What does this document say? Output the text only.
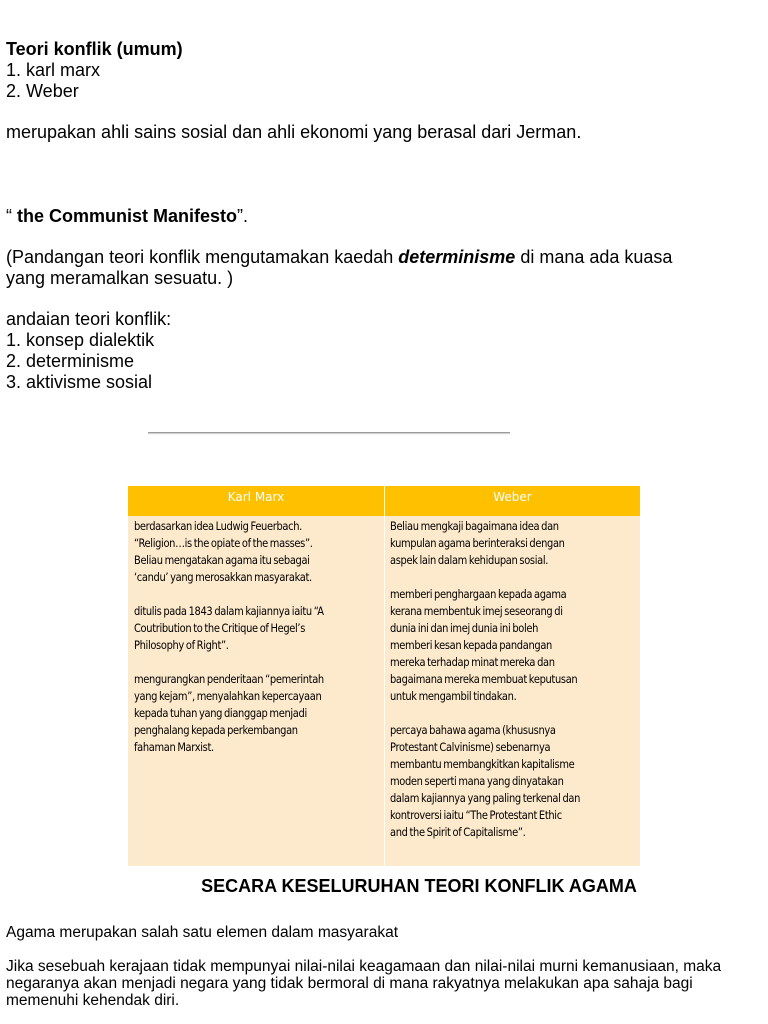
Teori konflik (umum)
1. karl marx
2. Weber
merupakan ahli sains sosial dan ahli ekonomi yang berasal dari Jerman.
“ the Communist Manifesto”.
(Pandangan teori konflik mengutamakan kaedah determinisme di mana ada kuasa
yang meramalkan sesuatu. )
andaian teori konflik:
1. konsep dialektik
2. determinisme
3. aktivisme sosial
Karl Marx	Weber

berdasarkan idea Ludwig Feuerbach.
“Religion…is the opiate of the masses”.
Beliau mengatakan agama itu sebagai
‘candu’ yang merosakkan masyarakat.

ditulis pada 1843 dalam kajiannya iaitu “A
Coutribution to the Critique of Hegel’s
Philosophy of Right”.

mengurangkan penderitaan “pemerintah
yang kejam”, menyalahkan kepercayaan
kepada tuhan yang dianggap menjadi
penghalang kepada perkembangan
fahaman Marxist.

Beliau mengkaji bagaimana idea dan
kumpulan agama berinteraksi dengan
aspek lain dalam kehidupan sosial.

memberi penghargaan kepada agama
kerana membentuk imej seseorang di
dunia ini dan imej dunia ini boleh
memberi kesan kepada pandangan
mereka terhadap minat mereka dan
bagaimana mereka membuat keputusan
untuk mengambil tindakan.

percaya bahawa agama (khususnya
Protestant Calvinisme) sebenarnya
membantu membangkitkan kapitalisme
moden seperti mana yang dinyatakan
dalam kajiannya yang paling terkenal dan
kontroversi iaitu “The Protestant Ethic
and the Spirit of Capitalisme”.

SECARA KESELURUHAN TEORI KONFLIK AGAMA
Agama merupakan salah satu elemen dalam masyarakat
Jika sesebuah kerajaan tidak mempunyai nilai-nilai keagamaan dan nilai-nilai murni kemanusiaan, maka
negaranya akan menjadi negara yang tidak bermoral di mana rakyatnya melakukan apa sahaja bagi
memenuhi kehendak diri.
